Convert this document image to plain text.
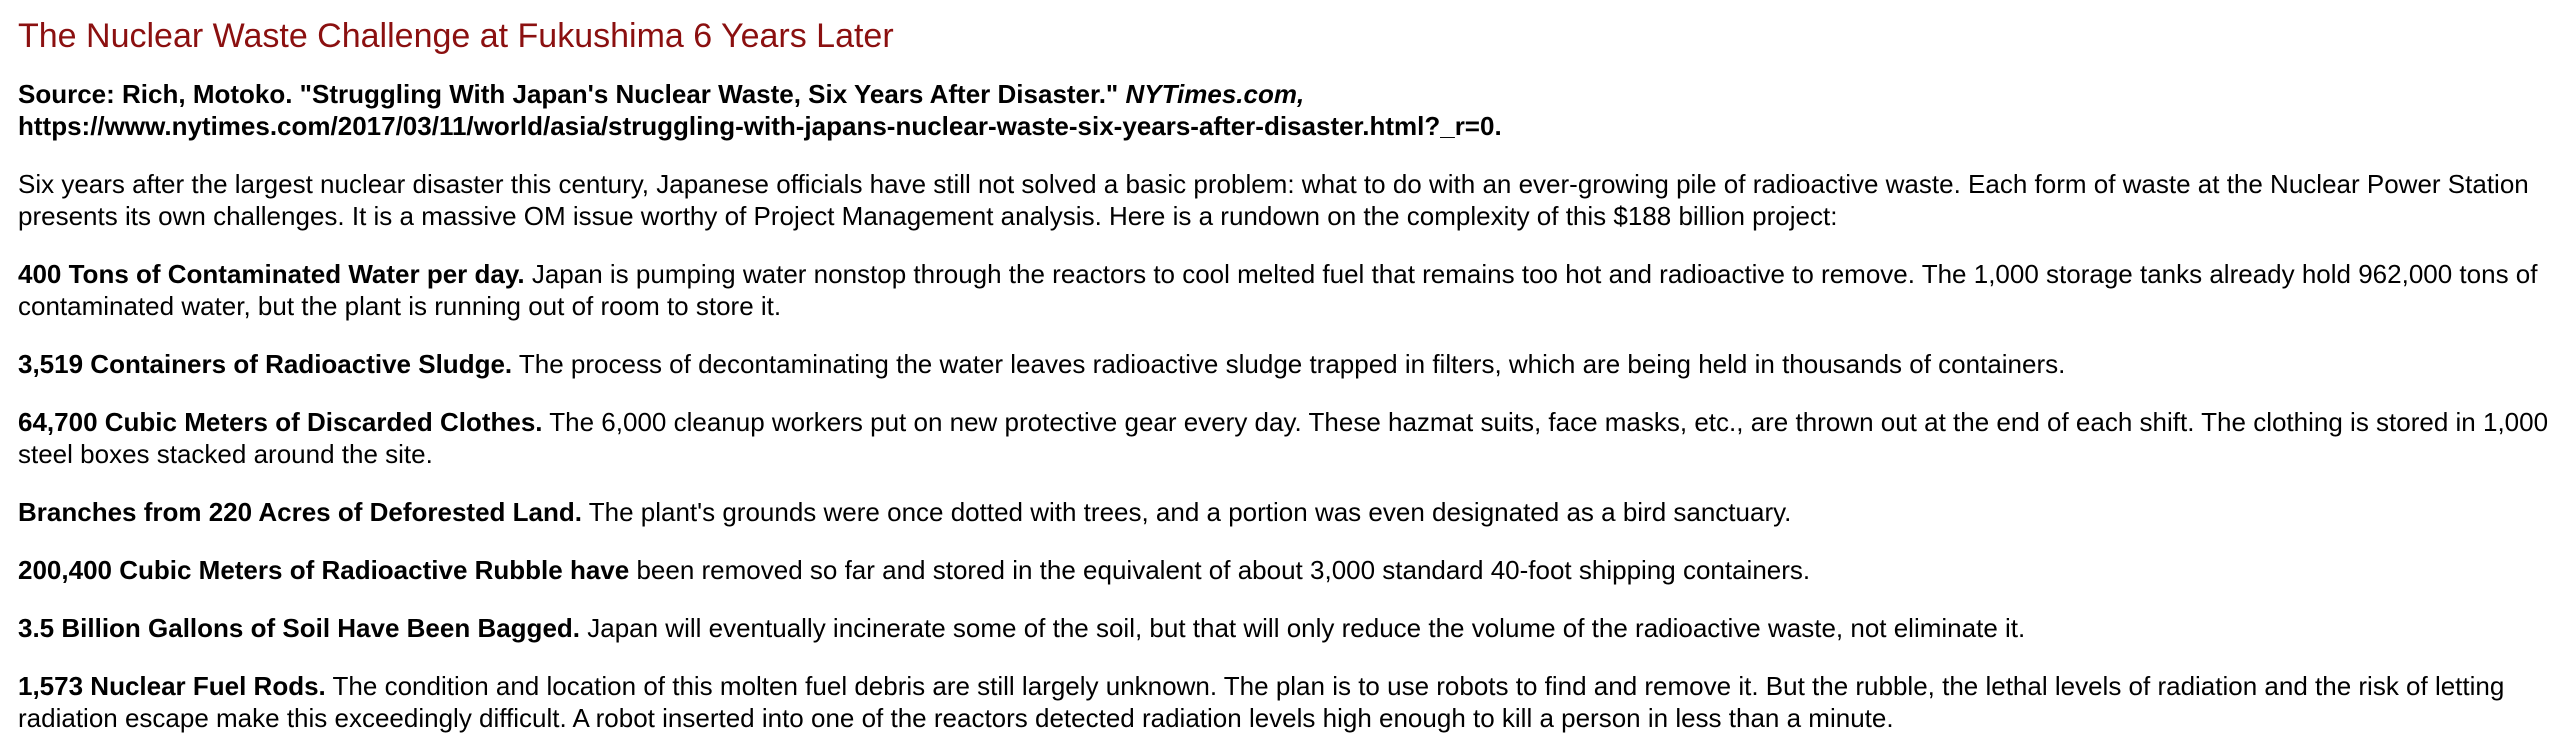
The Nuclear Waste Challenge at Fukushima 6 Years Later

Source: Rich, Motoko. "Struggling With Japan's Nuclear Waste, Six Years After Disaster." NYTimes.com,
https://www.nytimes.com/2017/03/11/world/asia/struggling-with-japans-nuclear-waste-six-years-after-disaster.html?_r=0.

Six years after the largest nuclear disaster this century, Japanese officials have still not solved a basic problem: what to do with an ever-growing pile of radioactive waste. Each form of waste at the Nuclear Power Station presents its own challenges. It is a massive OM issue worthy of Project Management analysis. Here is a rundown on the complexity of this $188 billion project:

400 Tons of Contaminated Water per day. Japan is pumping water nonstop through the reactors to cool melted fuel that remains too hot and radioactive to remove. The 1,000 storage tanks already hold 962,000 tons of contaminated water, but the plant is running out of room to store it.

3,519 Containers of Radioactive Sludge. The process of decontaminating the water leaves radioactive sludge trapped in filters, which are being held in thousands of containers.

64,700 Cubic Meters of Discarded Clothes. The 6,000 cleanup workers put on new protective gear every day. These hazmat suits, face masks, etc., are thrown out at the end of each shift. The clothing is stored in 1,000 steel boxes stacked around the site.

Branches from 220 Acres of Deforested Land. The plant's grounds were once dotted with trees, and a portion was even designated as a bird sanctuary.

200,400 Cubic Meters of Radioactive Rubble have been removed so far and stored in the equivalent of about 3,000 standard 40-foot shipping containers.

3.5 Billion Gallons of Soil Have Been Bagged. Japan will eventually incinerate some of the soil, but that will only reduce the volume of the radioactive waste, not eliminate it.

1,573 Nuclear Fuel Rods. The condition and location of this molten fuel debris are still largely unknown. The plan is to use robots to find and remove it. But the rubble, the lethal levels of radiation and the risk of letting radiation escape make this exceedingly difficult. A robot inserted into one of the reactors detected radiation levels high enough to kill a person in less than a minute.
